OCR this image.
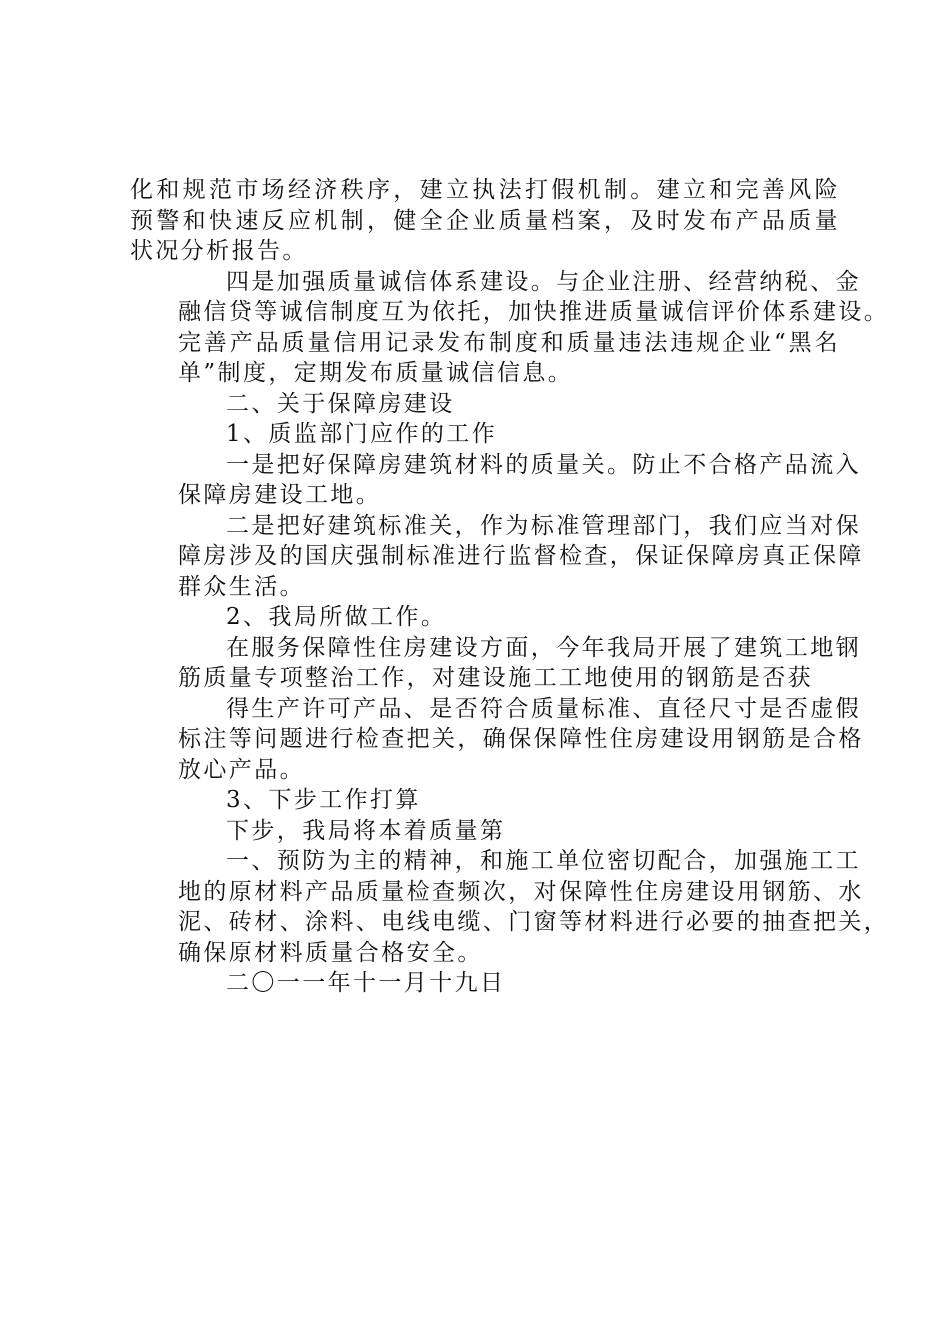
化和规范市场经济秩序，建立执法打假机制。建立和完善风险
预警和快速反应机制，健全企业质量档案，及时发布产品质量
状况分析报告。
四是加强质量诚信体系建设。与企业注册、经营纳税、金
融信贷等诚信制度互为依托，加快推进质量诚信评价体系建设。
完善产品质量信用记录发布制度和质量违法违规企业“黑名
单”制度，定期发布质量诚信信息。
二、关于保障房建设
1、质监部门应作的工作
一是把好保障房建筑材料的质量关。防止不合格产品流入
保障房建设工地。
二是把好建筑标准关，作为标准管理部门，我们应当对保
障房涉及的国庆强制标准进行监督检查，保证保障房真正保障
群众生活。
2、我局所做工作。
在服务保障性住房建设方面，今年我局开展了建筑工地钢
筋质量专项整治工作，对建设施工工地使用的钢筋是否获
得生产许可产品、是否符合质量标准、直径尺寸是否虚假
标注等问题进行检查把关，确保保障性住房建设用钢筋是合格
放心产品。
3、下步工作打算
下步，我局将本着质量第
一、预防为主的精神，和施工单位密切配合，加强施工工
地的原材料产品质量检查频次，对保障性住房建设用钢筋、水
泥、砖材、涂料、电线电缆、门窗等材料进行必要的抽查把关，
确保原材料质量合格安全。
二〇一一年十一月十九日
